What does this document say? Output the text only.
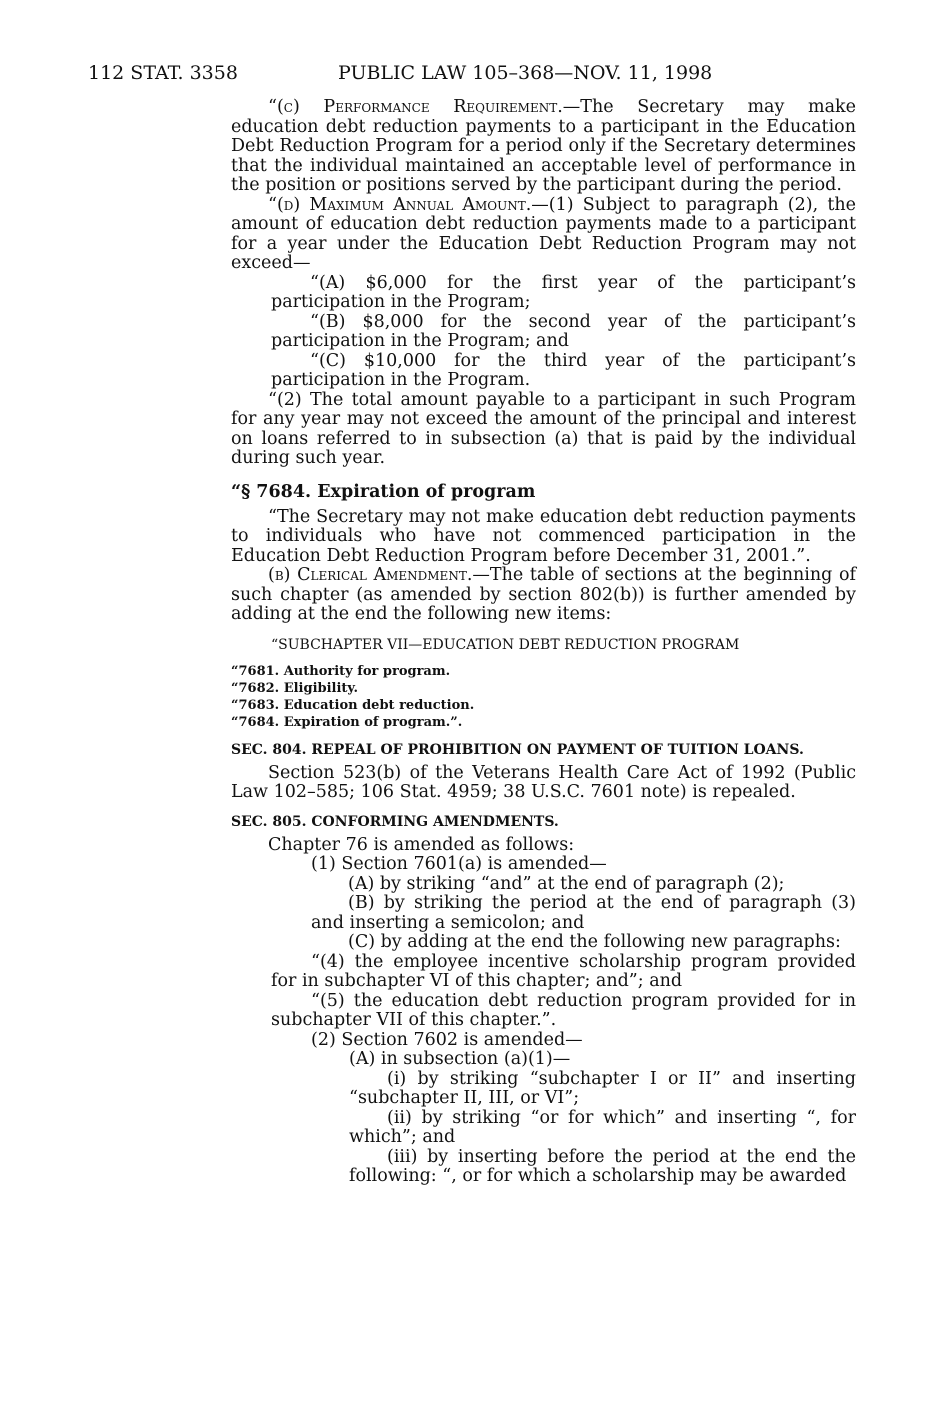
112 STAT. 3358	PUBLIC LAW 105–368—NOV. 11, 1998

“(c) Performance Requirement.—The Secretary may make education debt reduction payments to a participant in the Education Debt Reduction Program for a period only if the Secretary determines that the individual maintained an acceptable level of performance in the position or positions served by the participant during the period.

“(d) Maximum Annual Amount.—(1) Subject to paragraph (2), the amount of education debt reduction payments made to a participant for a year under the Education Debt Reduction Program may not exceed—

“(A) $6,000 for the first year of the participant’s participation in the Program;

“(B) $8,000 for the second year of the participant’s participation in the Program; and

“(C) $10,000 for the third year of the participant’s participation in the Program.

“(2) The total amount payable to a participant in such Program for any year may not exceed the amount of the principal and interest on loans referred to in subsection (a) that is paid by the individual during such year.

“§ 7684. Expiration of program

“The Secretary may not make education debt reduction payments to individuals who have not commenced participation in the Education Debt Reduction Program before December 31, 2001.”.

(b) Clerical Amendment.—The table of sections at the beginning of such chapter (as amended by section 802(b)) is further amended by adding at the end the following new items:

“SUBCHAPTER VII—EDUCATION DEBT REDUCTION PROGRAM

“7681. Authority for program.

“7682. Eligibility.

“7683. Education debt reduction.

“7684. Expiration of program.”.

SEC. 804. REPEAL OF PROHIBITION ON PAYMENT OF TUITION LOANS.

Section 523(b) of the Veterans Health Care Act of 1992 (Public Law 102–585; 106 Stat. 4959; 38 U.S.C. 7601 note) is repealed.

SEC. 805. CONFORMING AMENDMENTS.

Chapter 76 is amended as follows:

(1) Section 7601(a) is amended—

(A) by striking “and” at the end of paragraph (2);

(B) by striking the period at the end of paragraph (3) and inserting a semicolon; and

(C) by adding at the end the following new paragraphs:

“(4) the employee incentive scholarship program provided for in subchapter VI of this chapter; and”; and

“(5) the education debt reduction program provided for in subchapter VII of this chapter.”.

(2) Section 7602 is amended—

(A) in subsection (a)(1)—

(i) by striking “subchapter I or II” and inserting “subchapter II, III, or VI”;

(ii) by striking “or for which” and inserting “, for which”; and

(iii) by inserting before the period at the end the following: “, or for which a scholarship may be awarded
